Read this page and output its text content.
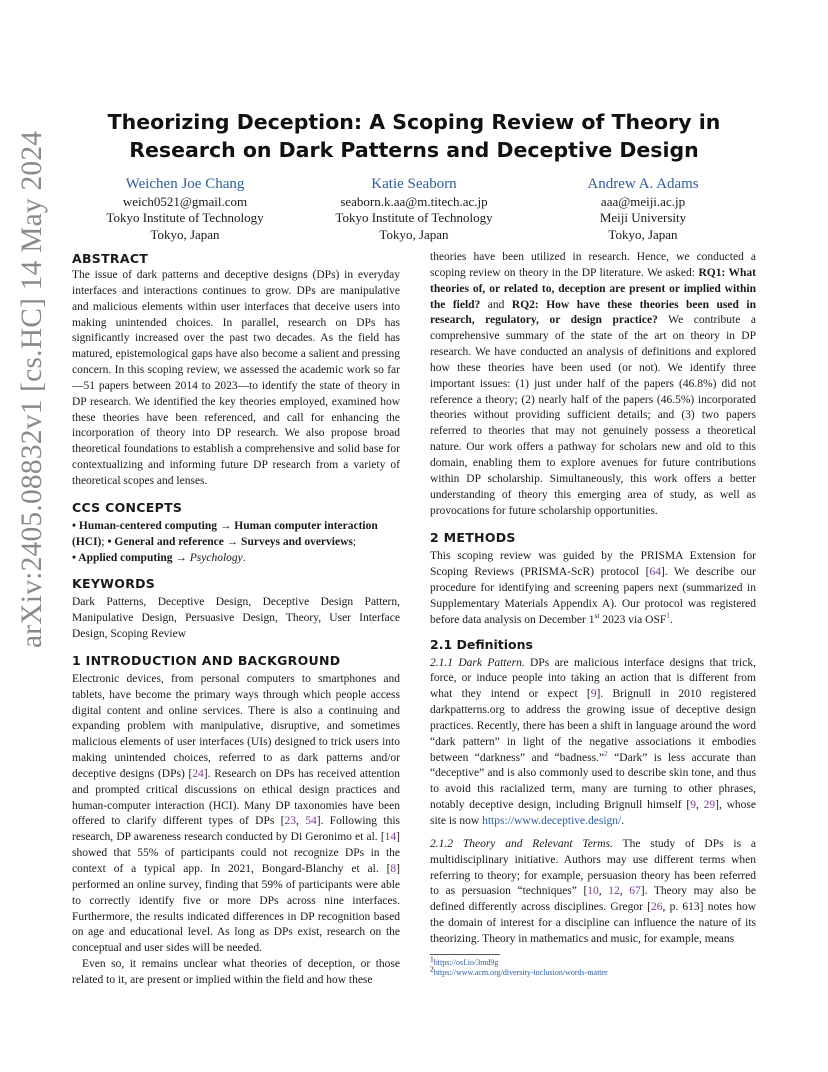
arXiv:2405.08832v1 [cs.HC] 14 May 2024
Theorizing Deception: A Scoping Review of Theory in Research on Dark Patterns and Deceptive Design
Weichen Joe Chang
weich0521@gmail.com
Tokyo Institute of Technology
Tokyo, Japan
Katie Seaborn
seaborn.k.aa@m.titech.ac.jp
Tokyo Institute of Technology
Tokyo, Japan
Andrew A. Adams
aaa@meiji.ac.jp
Meiji University
Tokyo, Japan
ABSTRACT

The issue of dark patterns and deceptive designs (DPs) in everyday interfaces and interactions continues to grow. DPs are manipulative and malicious elements within user interfaces that deceive users into making unintended choices. In parallel, research on DPs has significantly increased over the past two decades. As the field has matured, epistemological gaps have also become a salient and pressing concern. In this scoping review, we assessed the academic work so far—51 papers between 2014 to 2023—to identify the state of theory in DP research. We identified the key theories employed, examined how these theories have been referenced, and call for enhancing the incorporation of theory into DP research. We also propose broad theoretical foundations to establish a comprehensive and solid base for contextualizing and informing future DP research from a variety of theoretical scopes and lenses.

CCS CONCEPTS

• Human-centered computing → Human computer interaction (HCI); • General and reference → Surveys and overviews;
• Applied computing → Psychology.

KEYWORDS

Dark Patterns, Deceptive Design, Deceptive Design Pattern, Manipulative Design, Persuasive Design, Theory, User Interface Design, Scoping Review

1 INTRODUCTION AND BACKGROUND

Electronic devices, from personal computers to smartphones and tablets, have become the primary ways through which people access digital content and online services. There is also a continuing and expanding problem with manipulative, disruptive, and sometimes malicious elements of user interfaces (UIs) designed to trick users into making unintended choices, referred to as dark patterns and/or deceptive designs (DPs) [24]. Research on DPs has received attention and prompted critical discussions on ethical design practices and human-computer interaction (HCI). Many DP taxonomies have been offered to clarify different types of DPs [23, 54]. Following this research, DP awareness research conducted by Di Geronimo et al. [14] showed that 55% of participants could not recognize DPs in the context of a typical app. In 2021, Bongard-Blanchy et al. [8] performed an online survey, finding that 59% of participants were able to correctly identify five or more DPs across nine interfaces. Furthermore, the results indicated differences in DP recognition based on age and educational level. As long as DPs exist, research on the conceptual and user sides will be needed.

Even so, it remains unclear what theories of deception, or those related to it, are present or implied within the field and how these

theories have been utilized in research. Hence, we conducted a scoping review on theory in the DP literature. We asked: RQ1: What theories of, or related to, deception are present or implied within the field? and RQ2: How have these theories been used in research, regulatory, or design practice? We contribute a comprehensive summary of the state of the art on theory in DP research. We have conducted an analysis of definitions and explored how these theories have been used (or not). We identify three important issues: (1) just under half of the papers (46.8%) did not reference a theory; (2) nearly half of the papers (46.5%) incorporated theories without providing sufficient details; and (3) two papers referred to theories that may not genuinely possess a theoretical nature. Our work offers a pathway for scholars new and old to this domain, enabling them to explore avenues for future contributions within DP scholarship. Simultaneously, this work offers a better understanding of theory this emerging area of study, as well as provocations for future scholarship opportunities.

2 METHODS

This scoping review was guided by the PRISMA Extension for Scoping Reviews (PRISMA-ScR) protocol [64]. We describe our procedure for identifying and screening papers next (summarized in Supplementary Materials Appendix A). Our protocol was registered before data analysis on December 1st 2023 via OSF$^1$.

2.1 Definitions

2.1.1 Dark Pattern. DPs are malicious interface designs that trick, force, or induce people into taking an action that is different from what they intend or expect [9]. Brignull in 2010 registered darkpatterns.org to address the growing issue of deceptive design practices. Recently, there has been a shift in language around the word “dark pattern” in light of the negative associations it embodies between “darkness” and “badness.”$^2$ “Dark” is less accurate than “deceptive” and is also commonly used to describe skin tone, and thus to avoid this racialized term, many are turning to other phrases, notably deceptive design, including Brignull himself [9, 29], whose site is now https://www.deceptive.design/.

2.1.2 Theory and Relevant Terms. The study of DPs is a multidisciplinary initiative. Authors may use different terms when referring to theory; for example, persuasion theory has been referred to as persuasion “techniques” [10, 12, 67]. Theory may also be defined differently across disciplines. Gregor [26, p. 613] notes how the domain of interest for a discipline can influence the nature of its theorizing. Theory in mathematics and music, for example, means

$^1$https://osf.io/3md9g
$^2$https://www.acm.org/diversity-inclusion/words-matter
